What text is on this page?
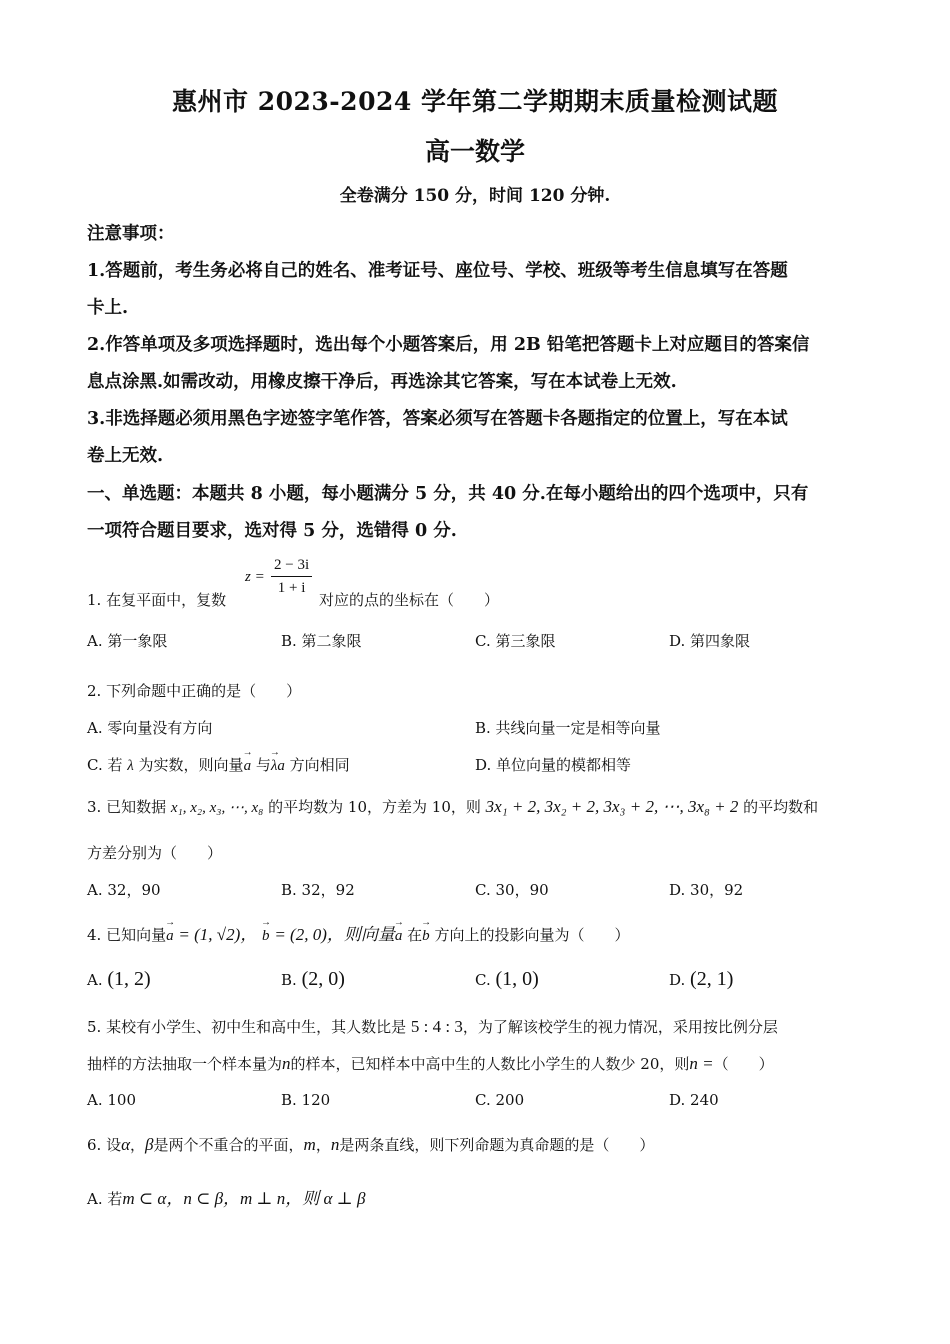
惠州市 2023-2024 学年第二学期期末质量检测试题
高一数学
全卷满分 150 分，时间 120 分钟.
注意事项：
1.答题前，考生务必将自己的姓名、准考证号、座位号、学校、班级等考生信息填写在答题
卡上.
2.作答单项及多项选择题时，选出每个小题答案后，用 2B 铅笔把答题卡上对应题目的答案信
息点涂黑.如需改动，用橡皮擦干净后，再选涂其它答案，写在本试卷上无效.
3.非选择题必须用黑色字迹签字笔作答，答案必须写在答题卡各题指定的位置上，写在本试
卷上无效.
一、单选题：本题共 8 小题，每小题满分 5 分，共 40 分.在每小题给出的四个选项中，只有
一项符合题目要求，选对得 5 分，选错得 0 分.
1. 在复平面中，复数
$z = \frac{2 - 3i}{1 + i}$
对应的点的坐标在（　　）
A. 第一象限	B. 第二象限	C. 第三象限	D. 第四象限
2. 下列命题中正确的是（　　）
A. 零向量没有方向	B. 共线向量一定是相等向量
C. 若 λ 为实数，则向量→ a 与→ λa 方向相同	D. 单位向量的模都相等
3. 已知数据 x₁, x₂, x₃, ⋯, x₈ 的平均数为 10，方差为 10，则 3x₁ + 2, 3x₂ + 2, 3x₃ + 2, ⋯, 3x₈ + 2 的平均数和
方差分别为（　　）
A. 32，90	B. 32，92	C. 30，90	D. 30，92
4. 已知向量→ a = (1, √2)， → b = (2, 0)，则向量→ a 在→ b 方向上的投影向量为（　　）
A. (1, 2)	B. (2, 0)	C. (1, 0)	D. (2, 1)
5. 某校有小学生、初中生和高中生，其人数比是 5 : 4 : 3，为了解该校学生的视力情况，采用按比例分层
抽样的方法抽取一个样本量为n的样本，已知样本中高中生的人数比小学生的人数少 20，则n =（　　）
A. 100	B. 120	C. 200	D. 240
6. 设α，β是两个不重合的平面，m，n是两条直线，则下列命题为真命题的是（　　）
A. 若m ⊂ α，n ⊂ β，m ⊥ n，则 α ⊥ β
